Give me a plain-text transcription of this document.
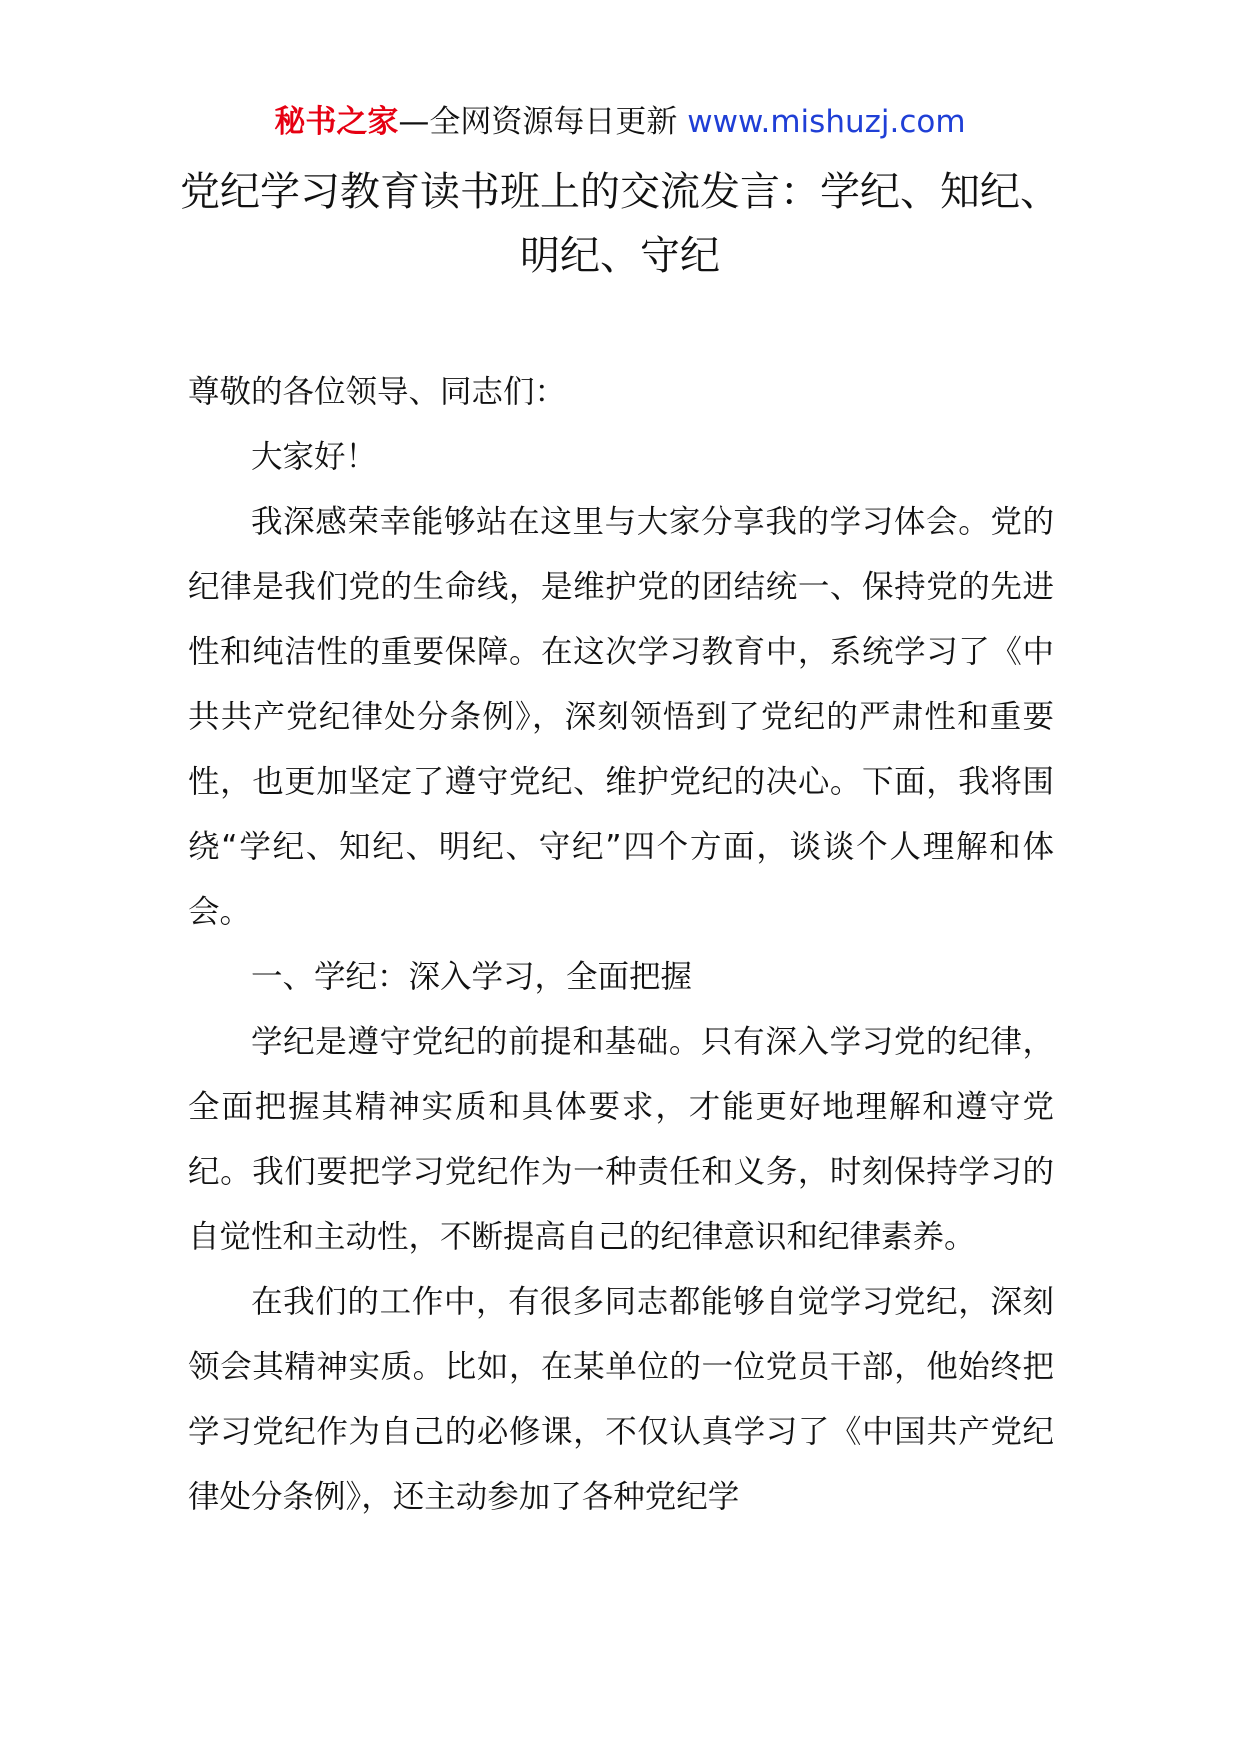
秘书之家—全网资源每日更新 www.mishuzj.com
党纪学习教育读书班上的交流发言：学纪、知纪、明纪、守纪

尊敬的各位领导、同志们：

大家好！

我深感荣幸能够站在这里与大家分享我的学习体会。党的纪律是我们党的生命线，是维护党的团结统一、保持党的先进性和纯洁性的重要保障。在这次学习教育中，系统学习了《中共共产党纪律处分条例》，深刻领悟到了党纪的严肃性和重要性，也更加坚定了遵守党纪、维护党纪的决心。下面，我将围绕“学纪、知纪、明纪、守纪”四个方面，谈谈个人理解和体会。

一、学纪：深入学习，全面把握

学纪是遵守党纪的前提和基础。只有深入学习党的纪律，全面把握其精神实质和具体要求，才能更好地理解和遵守党纪。我们要把学习党纪作为一种责任和义务，时刻保持学习的自觉性和主动性，不断提高自己的纪律意识和纪律素养。

在我们的工作中，有很多同志都能够自觉学习党纪，深刻领会其精神实质。比如，在某单位的一位党员干部，他始终把学习党纪作为自己的必修课，不仅认真学习了《中国共产党纪律处分条例》，还主动参加了各种党纪学
